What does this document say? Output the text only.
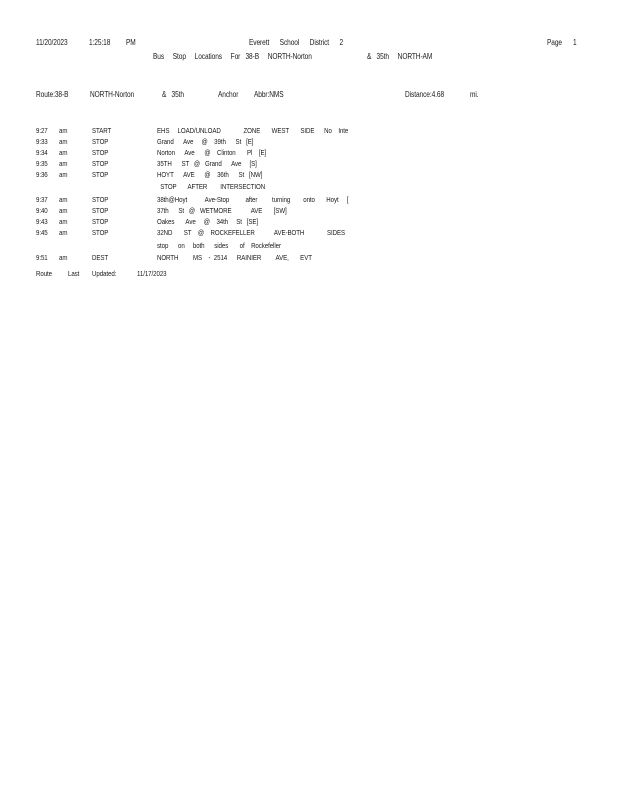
11/20/2023	1:25:18 PM	Everett      School      District      2	Page 1
Bus     Stop     Locations     For   38-B     NORTH-Norton	&   35th     NORTH-AM
Route:38-B	NORTH-Norton	&   35th	Anchor Abbr:NMS	Distance:4.68	mi.
9:27 am	START	EHS     LOAD/UNLOAD              ZONE       WEST       SIDE      No    Inte
9:33 am	STOP	Grand      Ave     @    39th      St   [E]
9:34 am	STOP	Norton      Ave      @    Clinton       Pl    [E]
9:35 am	STOP	35TH      ST   @   Grand      Ave     [S]
9:36 am	STOP	HOYT      AVE      @    36th      St   [NW]
STOP       AFTER        INTERSECTION
9:37 am	STOP	38th@Hoyt           Ave-Stop          after         turning        onto       Hoyt     [
9:40 am	STOP	37th      St   @   WETMORE            AVE       [SW]
9:43 am	STOP	Oakes       Ave     @    34th     St   [SE]
9:45 am	STOP	32ND       ST    @    ROCKEFELLER            AVE-BOTH              SIDES
stop      on     both      sides       of    Rockefeller
9:51 am	DEST	NORTH         MS    -  2514      RAINIER         AVE,       EVT
Route Last Updated:	11/17/2023
